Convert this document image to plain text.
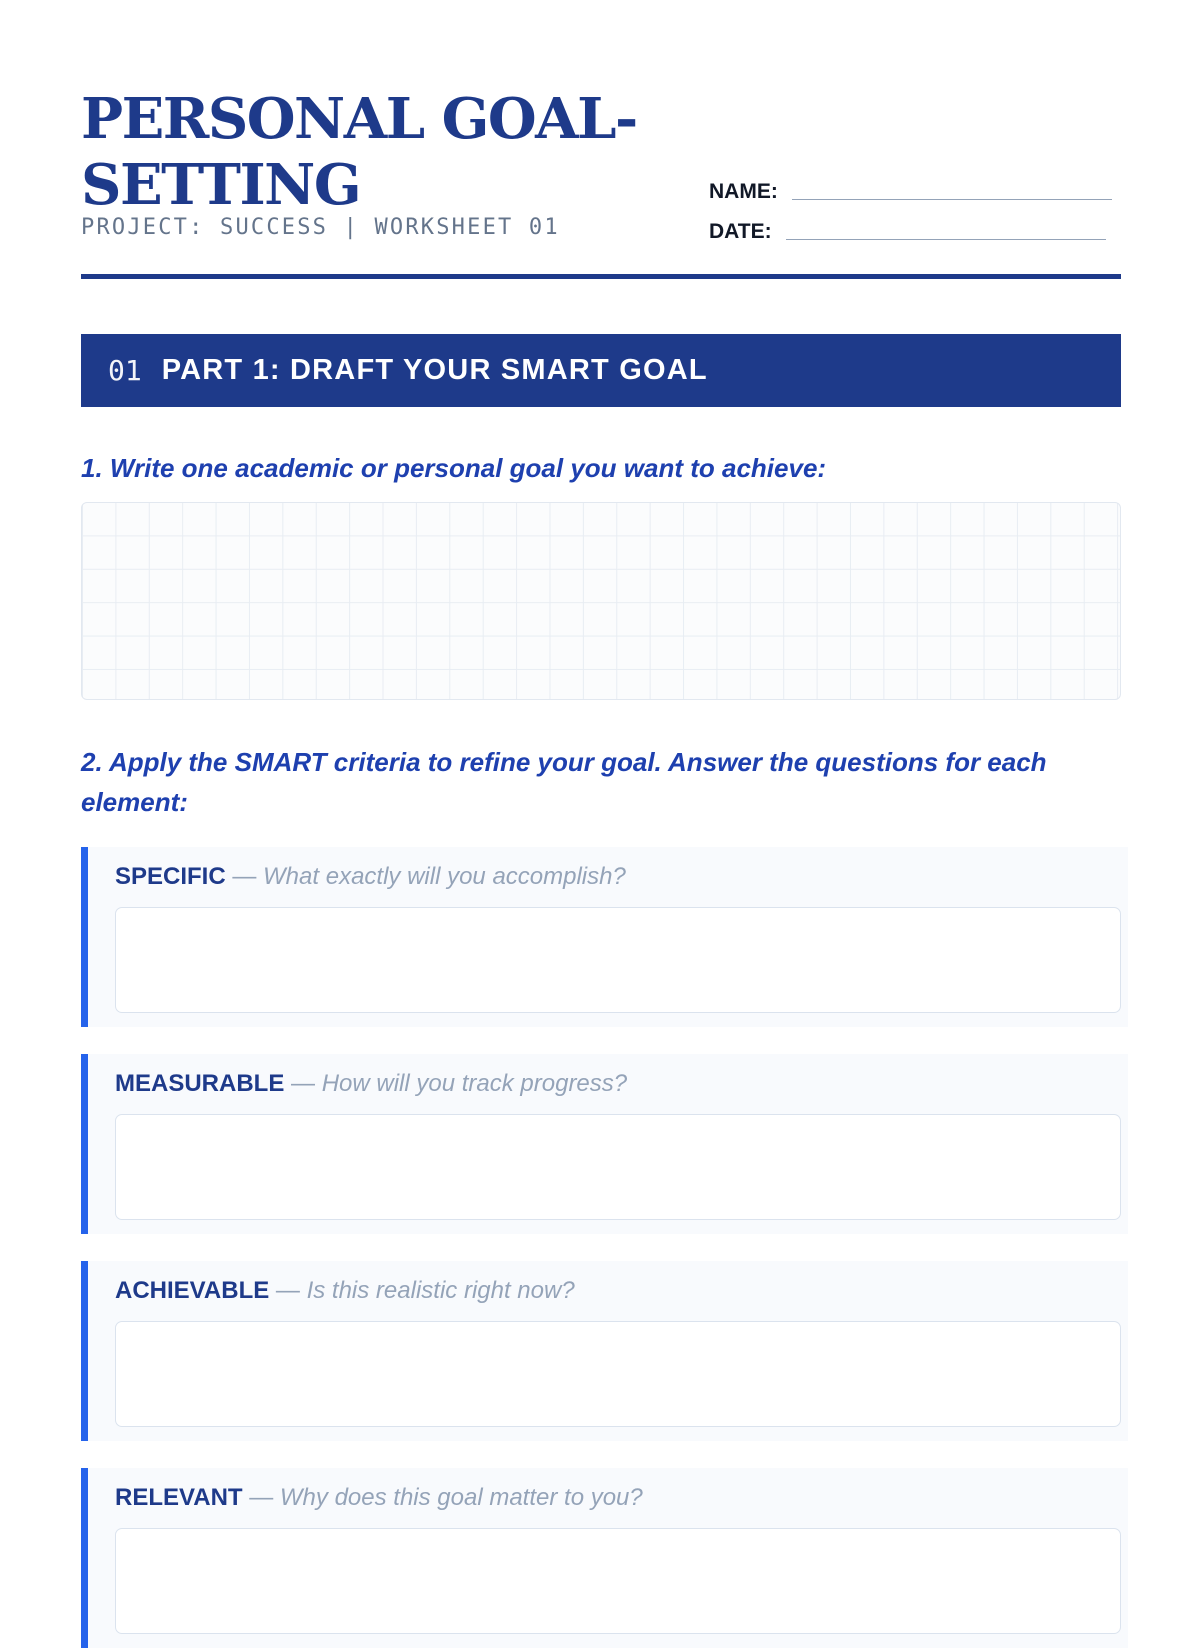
PERSONAL GOAL-SETTING
PROJECT: SUCCESS | WORKSHEET 01
NAME:
DATE:
01 PART 1: DRAFT YOUR SMART GOAL

1. Write one academic or personal goal you want to achieve:

2. Apply the SMART criteria to refine your goal. Answer the questions for each element:

SPECIFIC — What exactly will you accomplish?
MEASURABLE — How will you track progress?
ACHIEVABLE — Is this realistic right now?
RELEVANT — Why does this goal matter to you?
